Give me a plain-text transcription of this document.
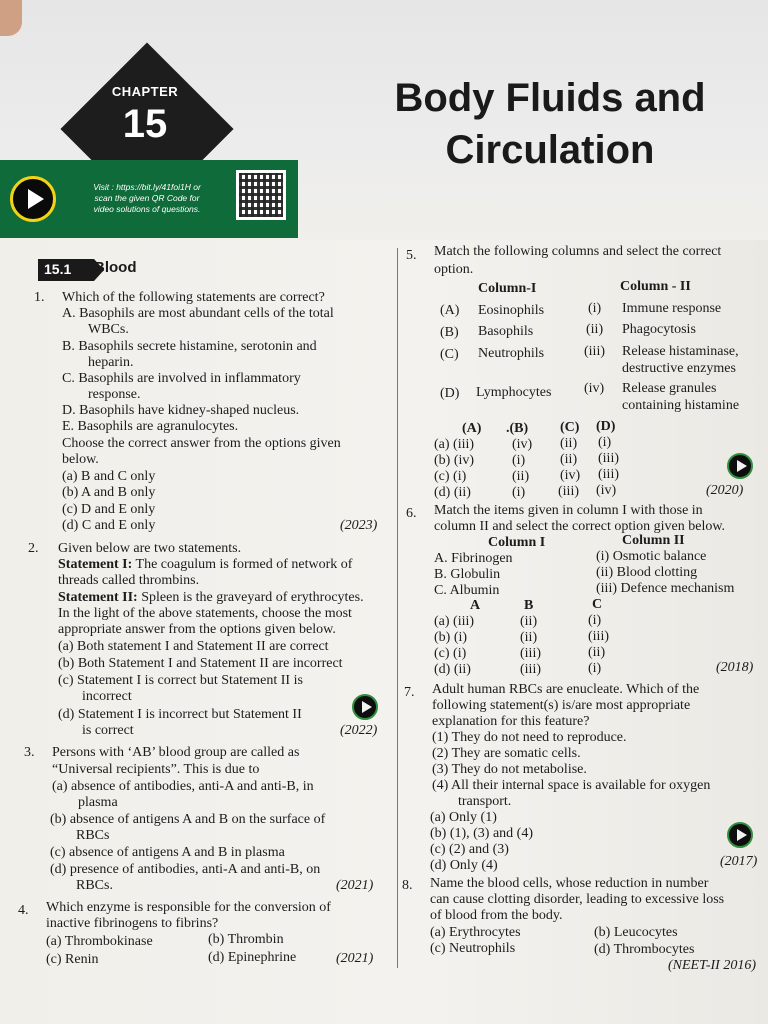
CHAPTER
15
Body Fluids and
Circulation
Visit : https://bit.ly/41foi1H or
scan the given QR Code for
video solutions of questions.
15.1 Blood
1. Which of the following statements are correct?
A. Basophils are most abundant cells of the total
WBCs.
B. Basophils secrete histamine, serotonin and
heparin.
C. Basophils are involved in inflammatory
response.
D. Basophils have kidney-shaped nucleus.
E. Basophils are agranulocytes.
Choose the correct answer from the options given
below.
(a) B and C only
(b) A and B only
(c) D and E only
(d) C and E only	(2023)
2. Given below are two statements.
Statement I: The coagulum is formed of network of
threads called thrombins.
Statement II: Spleen is the graveyard of erythrocytes.
In the light of the above statements, choose the most
appropriate answer from the options given below.
(a) Both statement I and Statement II are correct
(b) Both Statement I and Statement II are incorrect
(c) Statement I is correct but Statement II is
incorrect
(d) Statement I is incorrect but Statement II
is correct	(2022)
3. Persons with ‘AB’ blood group are called as
“Universal recipients”. This is due to
(a) absence of antibodies, anti-A and anti-B, in
plasma
(b) absence of antigens A and B on the surface of
RBCs
(c) absence of antigens A and B in plasma
(d) presence of antibodies, anti-A and anti-B, on
RBCs.	(2021)
4. Which enzyme is responsible for the conversion of
inactive fibrinogens to fibrins?
(a) Thrombokinase	(b) Thrombin
(c) Renin	(d) Epinephrine	(2021)
5. Match the following columns and select the correct
option.
Column-I	Column - II
(A) Eosinophils	(i) Immune response
(B) Basophils	(ii) Phagocytosis
(C) Neutrophils	(iii) Release histaminase,
destructive enzymes
(D) Lymphocytes (iv) Release granules
containing histamine
(A) .(B) (C) (D)
(a) (iii)	(iv) (ii) (i)
(b) (iv)	(i) (ii) (iii)
(c) (i)	(ii) (iv) (iii)
(d) (ii)	(i) (iii) (iv)	(2020)
6. Match the items given in column I with those in
column II and select the correct option given below.
Column I	Column II
A. Fibrinogen	(i) Osmotic balance
B. Globulin	(ii) Blood clotting
C. Albumin	(iii) Defence mechanism
A	B	C
(a) (iii)	(ii)	(i)
(b) (i)	(ii)	(iii)
(c) (i)	(iii)	(ii)
(d) (ii)	(iii)	(i)	(2018)
7. Adult human RBCs are enucleate. Which of the
following statement(s) is/are most appropriate
explanation for this feature?
(1) They do not need to reproduce.
(2) They are somatic cells.
(3) They do not metabolise.
(4) All their internal space is available for oxygen
transport.
(a) Only (1)
(b) (1), (3) and (4)
(c) (2) and (3)
(d) Only (4)	(2017)
8. Name the blood cells, whose reduction in number
can cause clotting disorder, leading to excessive loss
of blood from the body.
(a) Erythrocytes	(b) Leucocytes
(c) Neutrophils	(d) Thrombocytes
(NEET-II 2016)
